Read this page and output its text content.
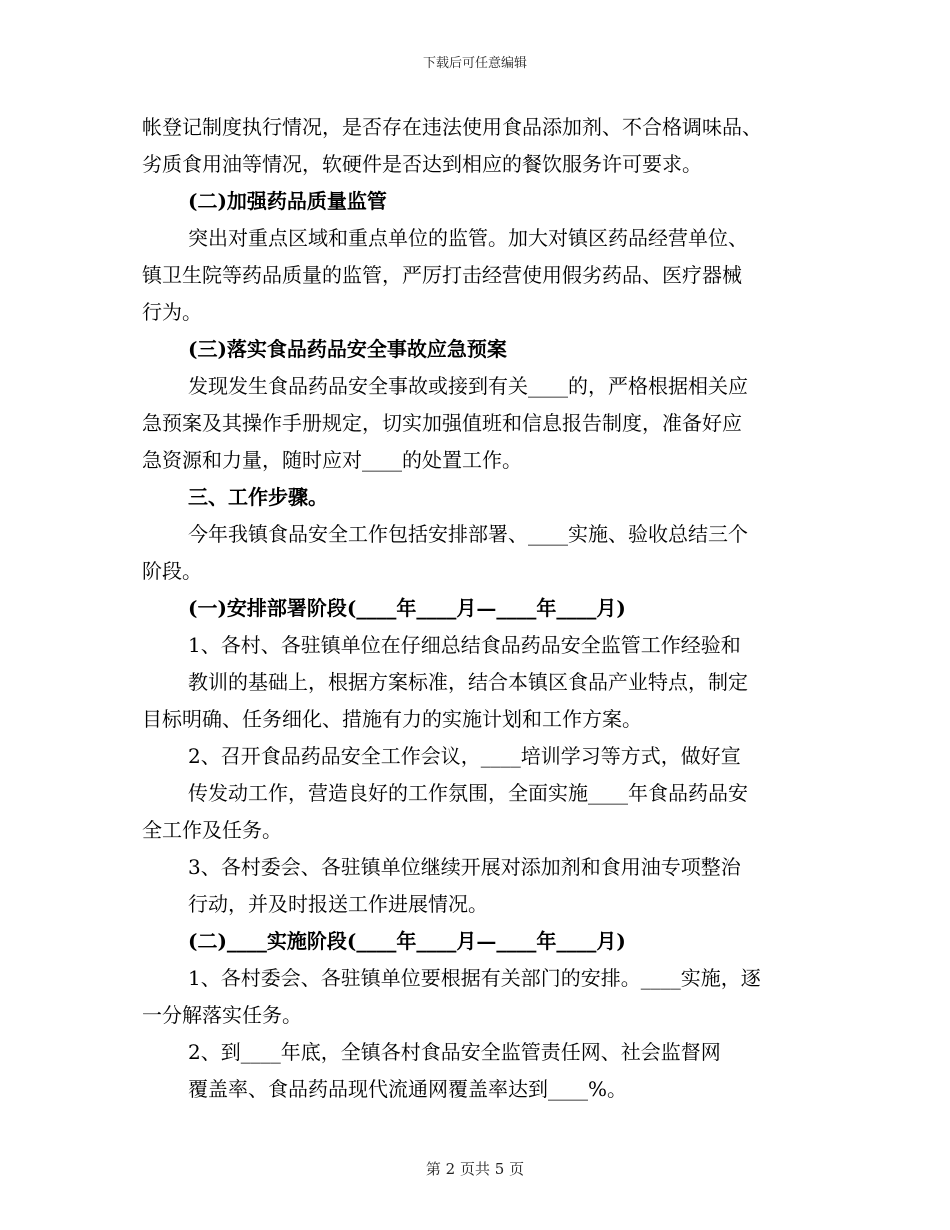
下载后可任意编辑
帐登记制度执行情况，是否存在违法使用食品添加剂、不合格调味品、
劣质食用油等情况，软硬件是否达到相应的餐饮服务许可要求。
(二)加强药品质量监管
突出对重点区域和重点单位的监管。加大对镇区药品经营单位、
镇卫生院等药品质量的监管，严厉打击经营使用假劣药品、医疗器械
行为。
(三)落实食品药品安全事故应急预案
发现发生食品药品安全事故或接到有关____的，严格根据相关应
急预案及其操作手册规定，切实加强值班和信息报告制度，准备好应
急资源和力量，随时应对____的处置工作。
三、工作步骤。
今年我镇食品安全工作包括安排部署、____实施、验收总结三个
阶段。
(一)安排部署阶段(____年____月—____年____月)
1、各村、各驻镇单位在仔细总结食品药品安全监管工作经验和
教训的基础上，根据方案标准，结合本镇区食品产业特点，制定
目标明确、任务细化、措施有力的实施计划和工作方案。
2、召开食品药品安全工作会议，____培训学习等方式，做好宣
传发动工作，营造良好的工作氛围，全面实施____年食品药品安
全工作及任务。
3、各村委会、各驻镇单位继续开展对添加剂和食用油专项整治
行动，并及时报送工作进展情况。
(二)____实施阶段(____年____月—____年____月)
1、各村委会、各驻镇单位要根据有关部门的安排。____实施，逐
一分解落实任务。
2、到____年底，全镇各村食品安全监管责任网、社会监督网
覆盖率、食品药品现代流通网覆盖率达到____%。
第 2 页共 5 页
